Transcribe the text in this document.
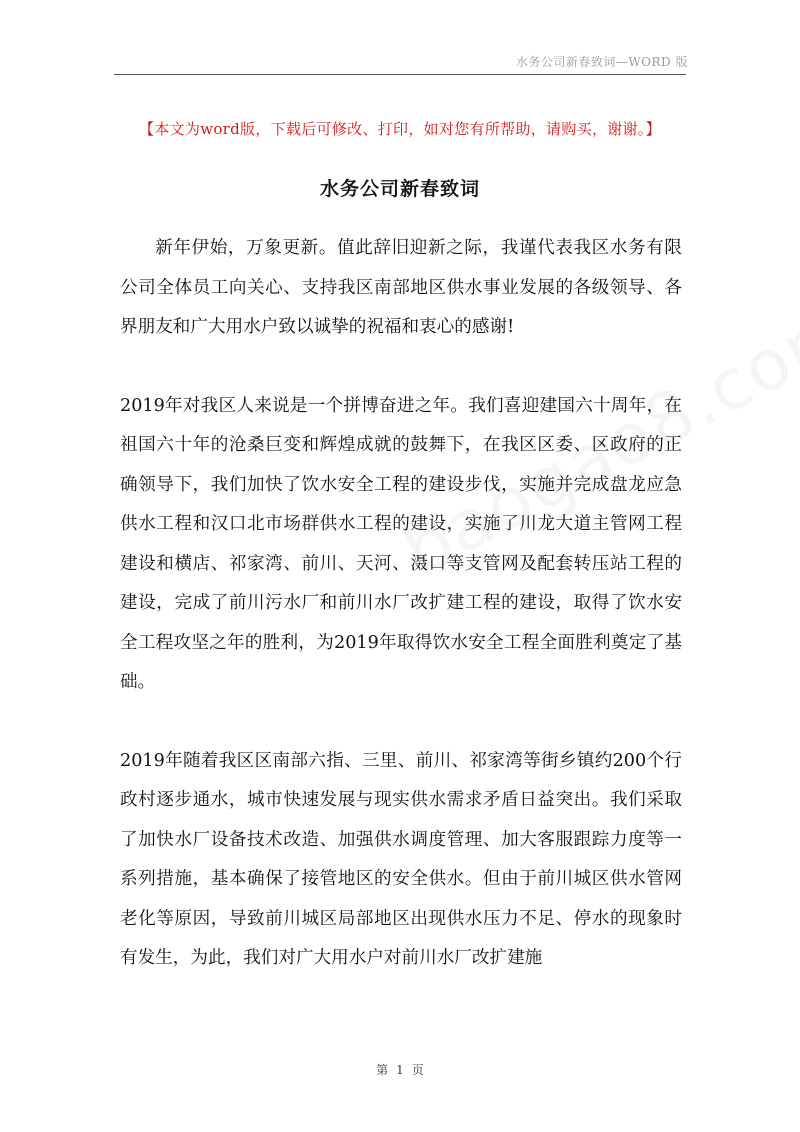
水务公司新春致词—WORD 版
【本文为word版，下载后可修改、打印，如对您有所帮助，请购买，谢谢。】
水务公司新春致词

新年伊始，万象更新。值此辞旧迎新之际，我谨代表我区水务有限公司全体员工向关心、支持我区南部地区供水事业发展的各级领导、各界朋友和广大用水户致以诚挚的祝福和衷心的感谢!

2019年对我区人来说是一个拼博奋进之年。我们喜迎建国六十周年，在祖国六十年的沧桑巨变和辉煌成就的鼓舞下，在我区区委、区政府的正确领导下，我们加快了饮水安全工程的建设步伐，实施并完成盘龙应急供水工程和汉口北市场群供水工程的建设，实施了川龙大道主管网工程建设和横店、祁家湾、前川、天河、滠口等支管网及配套转压站工程的建设，完成了前川污水厂和前川水厂改扩建工程的建设，取得了饮水安全工程攻坚之年的胜利，为2019年取得饮水安全工程全面胜利奠定了基础。

2019年随着我区区南部六指、三里、前川、祁家湾等街乡镇约200个行政村逐步通水，城市快速发展与现实供水需求矛盾日益突出。我们采取了加快水厂设备技术改造、加强供水调度管理、加大客服跟踪力度等一系列措施，基本确保了接管地区的安全供水。但由于前川城区供水管网老化等原因，导致前川城区局部地区出现供水压力不足、停水的现象时有发生，为此，我们对广大用水户对前川水厂改扩建施

第 1 页
